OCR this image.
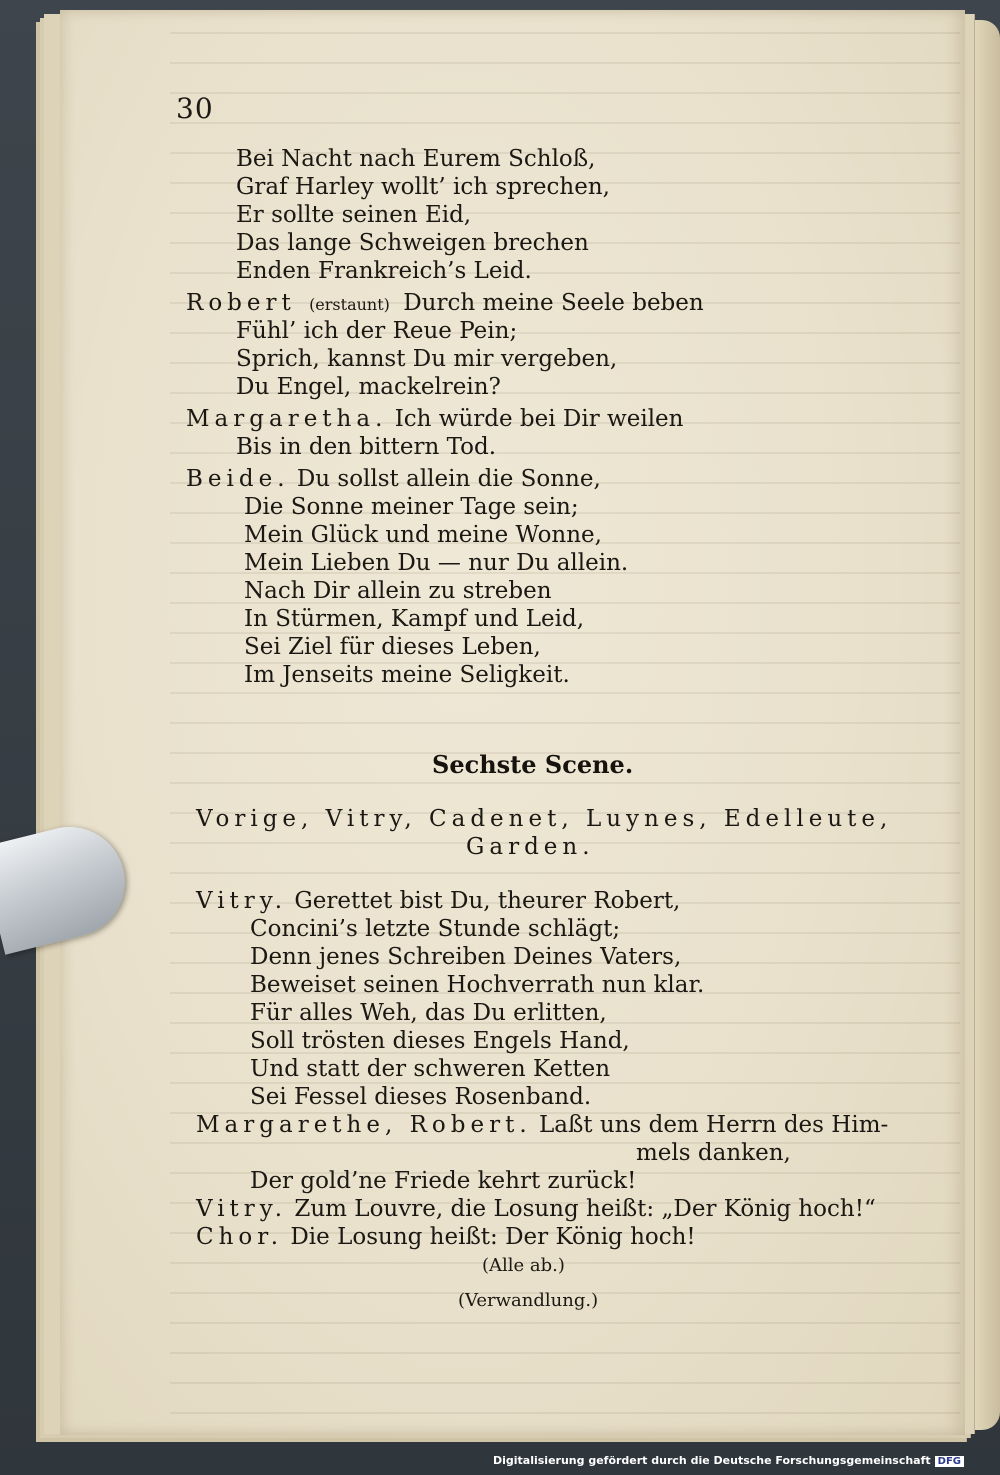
30
Bei Nacht nach Eurem Schloß,
Graf Harley wollt’ ich sprechen,
Er sollte seinen Eid,
Das lange Schweigen brechen
Enden Frankreich’s Leid.
Robert (erstaunt) Durch meine Seele beben
Fühl’ ich der Reue Pein;
Sprich, kannst Du mir vergeben,
Du Engel, mackelrein?
Margaretha. Ich würde bei Dir weilen
Bis in den bittern Tod.
Beide. Du sollst allein die Sonne,
Die Sonne meiner Tage sein;
Mein Glück und meine Wonne,
Mein Lieben Du — nur Du allein.
Nach Dir allein zu streben
In Stürmen, Kampf und Leid,
Sei Ziel für dieses Leben,
Im Jenseits meine Seligkeit.
Sechste Scene.
Vorige, Vitry, Cadenet, Luynes, Edelleute,
Garden.
Vitry. Gerettet bist Du, theurer Robert,
Concini’s letzte Stunde schlägt;
Denn jenes Schreiben Deines Vaters,
Beweiset seinen Hochverrath nun klar.
Für alles Weh, das Du erlitten,
Soll trösten dieses Engels Hand,
Und statt der schweren Ketten
Sei Fessel dieses Rosenband.
Margarethe, Robert. Laßt uns dem Herrn des Him-
mels danken,
Der gold’ne Friede kehrt zurück!
Vitry. Zum Louvre, die Losung heißt: „Der König hoch!“
Chor. Die Losung heißt: Der König hoch!
(Alle ab.)
(Verwandlung.)
Digitalisierung gefördert durch die Deutsche Forschungsgemeinschaft DFG
